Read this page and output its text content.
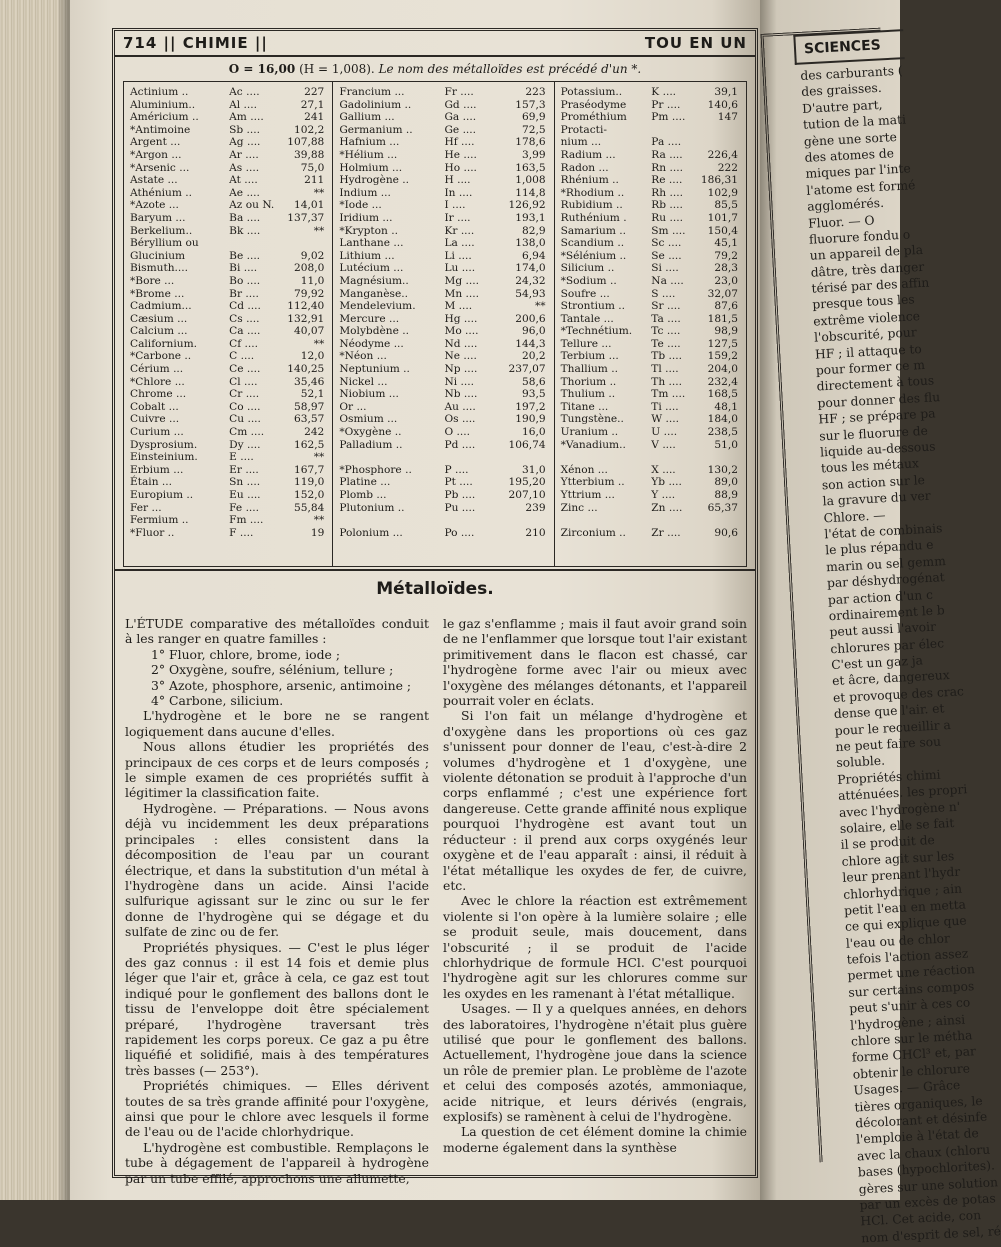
714 || CHIMIE ||	TOU EN UN
O = 16,00 (H = 1,008). Le nom des métalloïdes est précédé d'un *.
Actinium ..	Ac ....	227
Aluminium..	Al ....	27,1
Américium ..	Am ....	241
*Antimoine	Sb ....	102,2
Argent ...	Ag ....	107,88
*Argon ...	Ar ....	39,88
*Arsenic ...	As ....	75,0
Astate ...	At ....	211
Athénium ..	Ae ....	**
*Azote ...	Az ou N.	14,01
Baryum ...	Ba ....	137,37
Berkelium..	Bk ....	**
Béryllium ou
Glucinium	Be ....	9,02
Bismuth....	Bi ....	208,0
*Bore ...	Bo ....	11,0
*Brome ...	Br ....	79,92
Cadmium...	Cd ....	112,40
Cæsium ...	Cs ....	132,91
Calcium ...	Ca ....	40,07
Californium.	Cf ....	**
*Carbone ..	C ....	12,0
Cérium ...	Ce ....	140,25
*Chlore ...	Cl ....	35,46
Chrome ...	Cr ....	52,1
Cobalt ...	Co ....	58,97
Cuivre ...	Cu ....	63,57
Curium ...	Cm ....	242
Dysprosium.	Dy ....	162,5
Einsteinium.	E ....	**
Erbium ...	Er ....	167,7
Étain ...	Sn ....	119,0
Europium ..	Eu ....	152,0
Fer ...	Fe ....	55,84
Fermium ..	Fm ....	**
*Fluor ..	F ....	19
Francium ...	Fr ....	223
Gadolinium ..	Gd ....	157,3
Gallium ...	Ga ....	69,9
Germanium ..	Ge ....	72,5
Hafnium ...	Hf ....	178,6
*Hélium ...	He ....	3,99
Holmium ...	Ho ....	163,5
Hydrogène ..	H ....	1,008
Indium ...	In ....	114,8
*Iode ...	I ....	126,92
Iridium ...	Ir ....	193,1
*Krypton ..	Kr ....	82,9
Lanthane ...	La ....	138,0
Lithium ...	Li ....	6,94
Lutécium ...	Lu ....	174,0
Magnésium..	Mg ....	24,32
Manganèse..	Mn ....	54,93
Mendelevium.	M ....	**
Mercure ...	Hg ....	200,6
Molybdène ..	Mo ....	96,0
Néodyme ...	Nd ....	144,3
*Néon ...	Ne ....	20,2
Neptunium ..	Np ....	237,07
Nickel ...	Ni ....	58,6
Niobium ...	Nb ....	93,5
Or ...	Au ....	197,2
Osmium ...	Os ....	190,9
*Oxygène ..	O ....	16,0
Palladium ..	Pd ....	106,74
*Phosphore ..	P ....	31,0
Platine ...	Pt ....	195,20
Plomb ...	Pb ....	207,10
Plutonium ..	Pu ....	239
Polonium ...	Po ....	210
Potassium..	K ....	39,1
Praséodyme	Pr ....	140,6
Prométhium	Pm ....	147
Protacti-
nium ...	Pa ....
Radium ...	Ra ....	226,4
Radon ...	Rn ....	222
Rhénium ..	Re ....	186,31
*Rhodium ..	Rh ....	102,9
Rubidium ..	Rb ....	85,5
Ruthénium .	Ru ....	101,7
Samarium ..	Sm ....	150,4
Scandium ..	Sc ....	45,1
*Sélénium ..	Se ....	79,2
Silicium ..	Si ....	28,3
*Sodium ..	Na ....	23,0
Soufre ...	S ....	32,07
Strontium ..	Sr ....	87,6
Tantale ...	Ta ....	181,5
*Technétium.	Tc ....	98,9
Tellure ...	Te ....	127,5
Terbium ...	Tb ....	159,2
Thallium ..	Tl ....	204,0
Thorium ..	Th ....	232,4
Thulium ..	Tm ....	168,5
Titane ...	Ti ....	48,1
Tungstène..	W ....	184,0
Uranium ..	U ....	238,5
*Vanadium..	V ....	51,0
Xénon ...	X ....	130,2
Ytterbium ..	Yb ....	89,0
Yttrium ...	Y ....	88,9
Zinc ...	Zn ....	65,37
Zirconium ..	Zr ....	90,6
Métalloïdes.

L'ÉTUDE comparative des métalloïdes conduit à les ranger en quatre familles :

1° Fluor, chlore, brome, iode ;

2° Oxygène, soufre, sélénium, tellure ;

3° Azote, phosphore, arsenic, antimoine ;

4° Carbone, silicium.

L'hydrogène et le bore ne se rangent logiquement dans aucune d'elles.

Nous allons étudier les propriétés des principaux de ces corps et de leurs composés ; le simple examen de ces propriétés suffit à légitimer la classification faite.

Hydrogène. — Préparations. — Nous avons déjà vu incidemment les deux préparations principales : elles consistent dans la décomposition de l'eau par un courant électrique, et dans la substitution d'un métal à l'hydrogène dans un acide. Ainsi l'acide sulfurique agissant sur le zinc ou sur le fer donne de l'hydrogène qui se dégage et du sulfate de zinc ou de fer.

Propriétés physiques. — C'est le plus léger des gaz connus : il est 14 fois et demie plus léger que l'air et, grâce à cela, ce gaz est tout indiqué pour le gonflement des ballons dont le tissu de l'enveloppe doit être spécialement préparé, l'hydrogène traversant très rapidement les corps poreux. Ce gaz a pu être liquéfié et solidifié, mais à des températures très basses (— 253°).

Propriétés chimiques. — Elles dérivent toutes de sa très grande affinité pour l'oxygène, ainsi que pour le chlore avec lesquels il forme de l'eau ou de l'acide chlorhydrique.

L'hydrogène est combustible. Remplaçons le tube à dégagement de l'appareil à hydrogène par un tube effilé, approchons une allumette,

le gaz s'enflamme ; mais il faut avoir grand soin de ne l'enflammer que lorsque tout l'air existant primitivement dans le flacon est chassé, car l'hydrogène forme avec l'air ou mieux avec l'oxygène des mélanges détonants, et l'appareil pourrait voler en éclats.

Si l'on fait un mélange d'hydrogène et d'oxygène dans les proportions où ces gaz s'unissent pour donner de l'eau, c'est-à-dire 2 volumes d'hydrogène et 1 d'oxygène, une violente détonation se produit à l'approche d'un corps enflammé ; c'est une expérience fort dangereuse. Cette grande affinité nous explique pourquoi l'hydrogène est avant tout un réducteur : il prend aux corps oxygénés leur oxygène et de l'eau apparaît : ainsi, il réduit à l'état métallique les oxydes de fer, de cuivre, etc.

Avec le chlore la réaction est extrêmement violente si l'on opère à la lumière solaire ; elle se produit seule, mais doucement, dans l'obscurité ; il se produit de l'acide chlorhydrique de formule HCl. C'est pourquoi l'hydrogène agit sur les chlorures comme sur les oxydes en les ramenant à l'état métallique.

Usages. — Il y a quelques années, en dehors des laboratoires, l'hydrogène n'était plus guère utilisé que pour le gonflement des ballons. Actuellement, l'hydrogène joue dans la science un rôle de premier plan. Le problème de l'azote et celui des composés azotés, ammoniaque, acide nitrique, et leurs dérivés (engrais, explosifs) se ramènent à celui de l'hydrogène.

La question de cet élément domine la chimie moderne également dans la synthèse

SCIENCES
des carburants (
des graisses.
D'autre part,
tution de la mati
gène une sorte
des atomes de
miques par l'inte
l'atome est formé
agglomérés.
Fluor. — O
fluorure fondu o
un appareil de pla
dâtre, très danger
térisé par des affin
presque tous les
extrême violence
l'obscurité, pour
HF ; il attaque to
pour former ce m
directement à tous
pour donner des flu
HF ; se prépare pa
sur le fluorure de
liquide au-dessous
tous les métaux
son action sur le
la gravure du ver
Chlore. —
l'état de combinais
le plus répandu e
marin ou sel gemm
par déshydrogénat
par action d'un c
ordinairement le b
peut aussi l'avoir
chlorures par élec
C'est un gaz ja
et âcre, dangereux
et provoque des crac
dense que l'air. et
pour le recueillir a
ne peut faire sou
soluble.
Propriétés chimi
atténuées. les propri
avec l'hydrogène n'
solaire, elle se fait
il se produit de
chlore agit sur les
leur prenant l'hydr
chlorhydrique ; ain
petit l'eau en metta
ce qui explique que
l'eau ou de chlor
tefois l'action assez
permet une réaction
sur certains compos
peut s'unir à ces co
l'hydrogène ; ainsi
chlore sur le métha
forme CHCl³ et, par
obtenir le chlorure
Usages. — Grâce
tières organiques, le
décolorant et désinfe
l'emploie à l'état de
avec la chaux (chloru
bases (hypochlorites).
gères sur une solution
par un excès de potas
HCl. Cet acide, con
nom d'esprit de sel, ré
